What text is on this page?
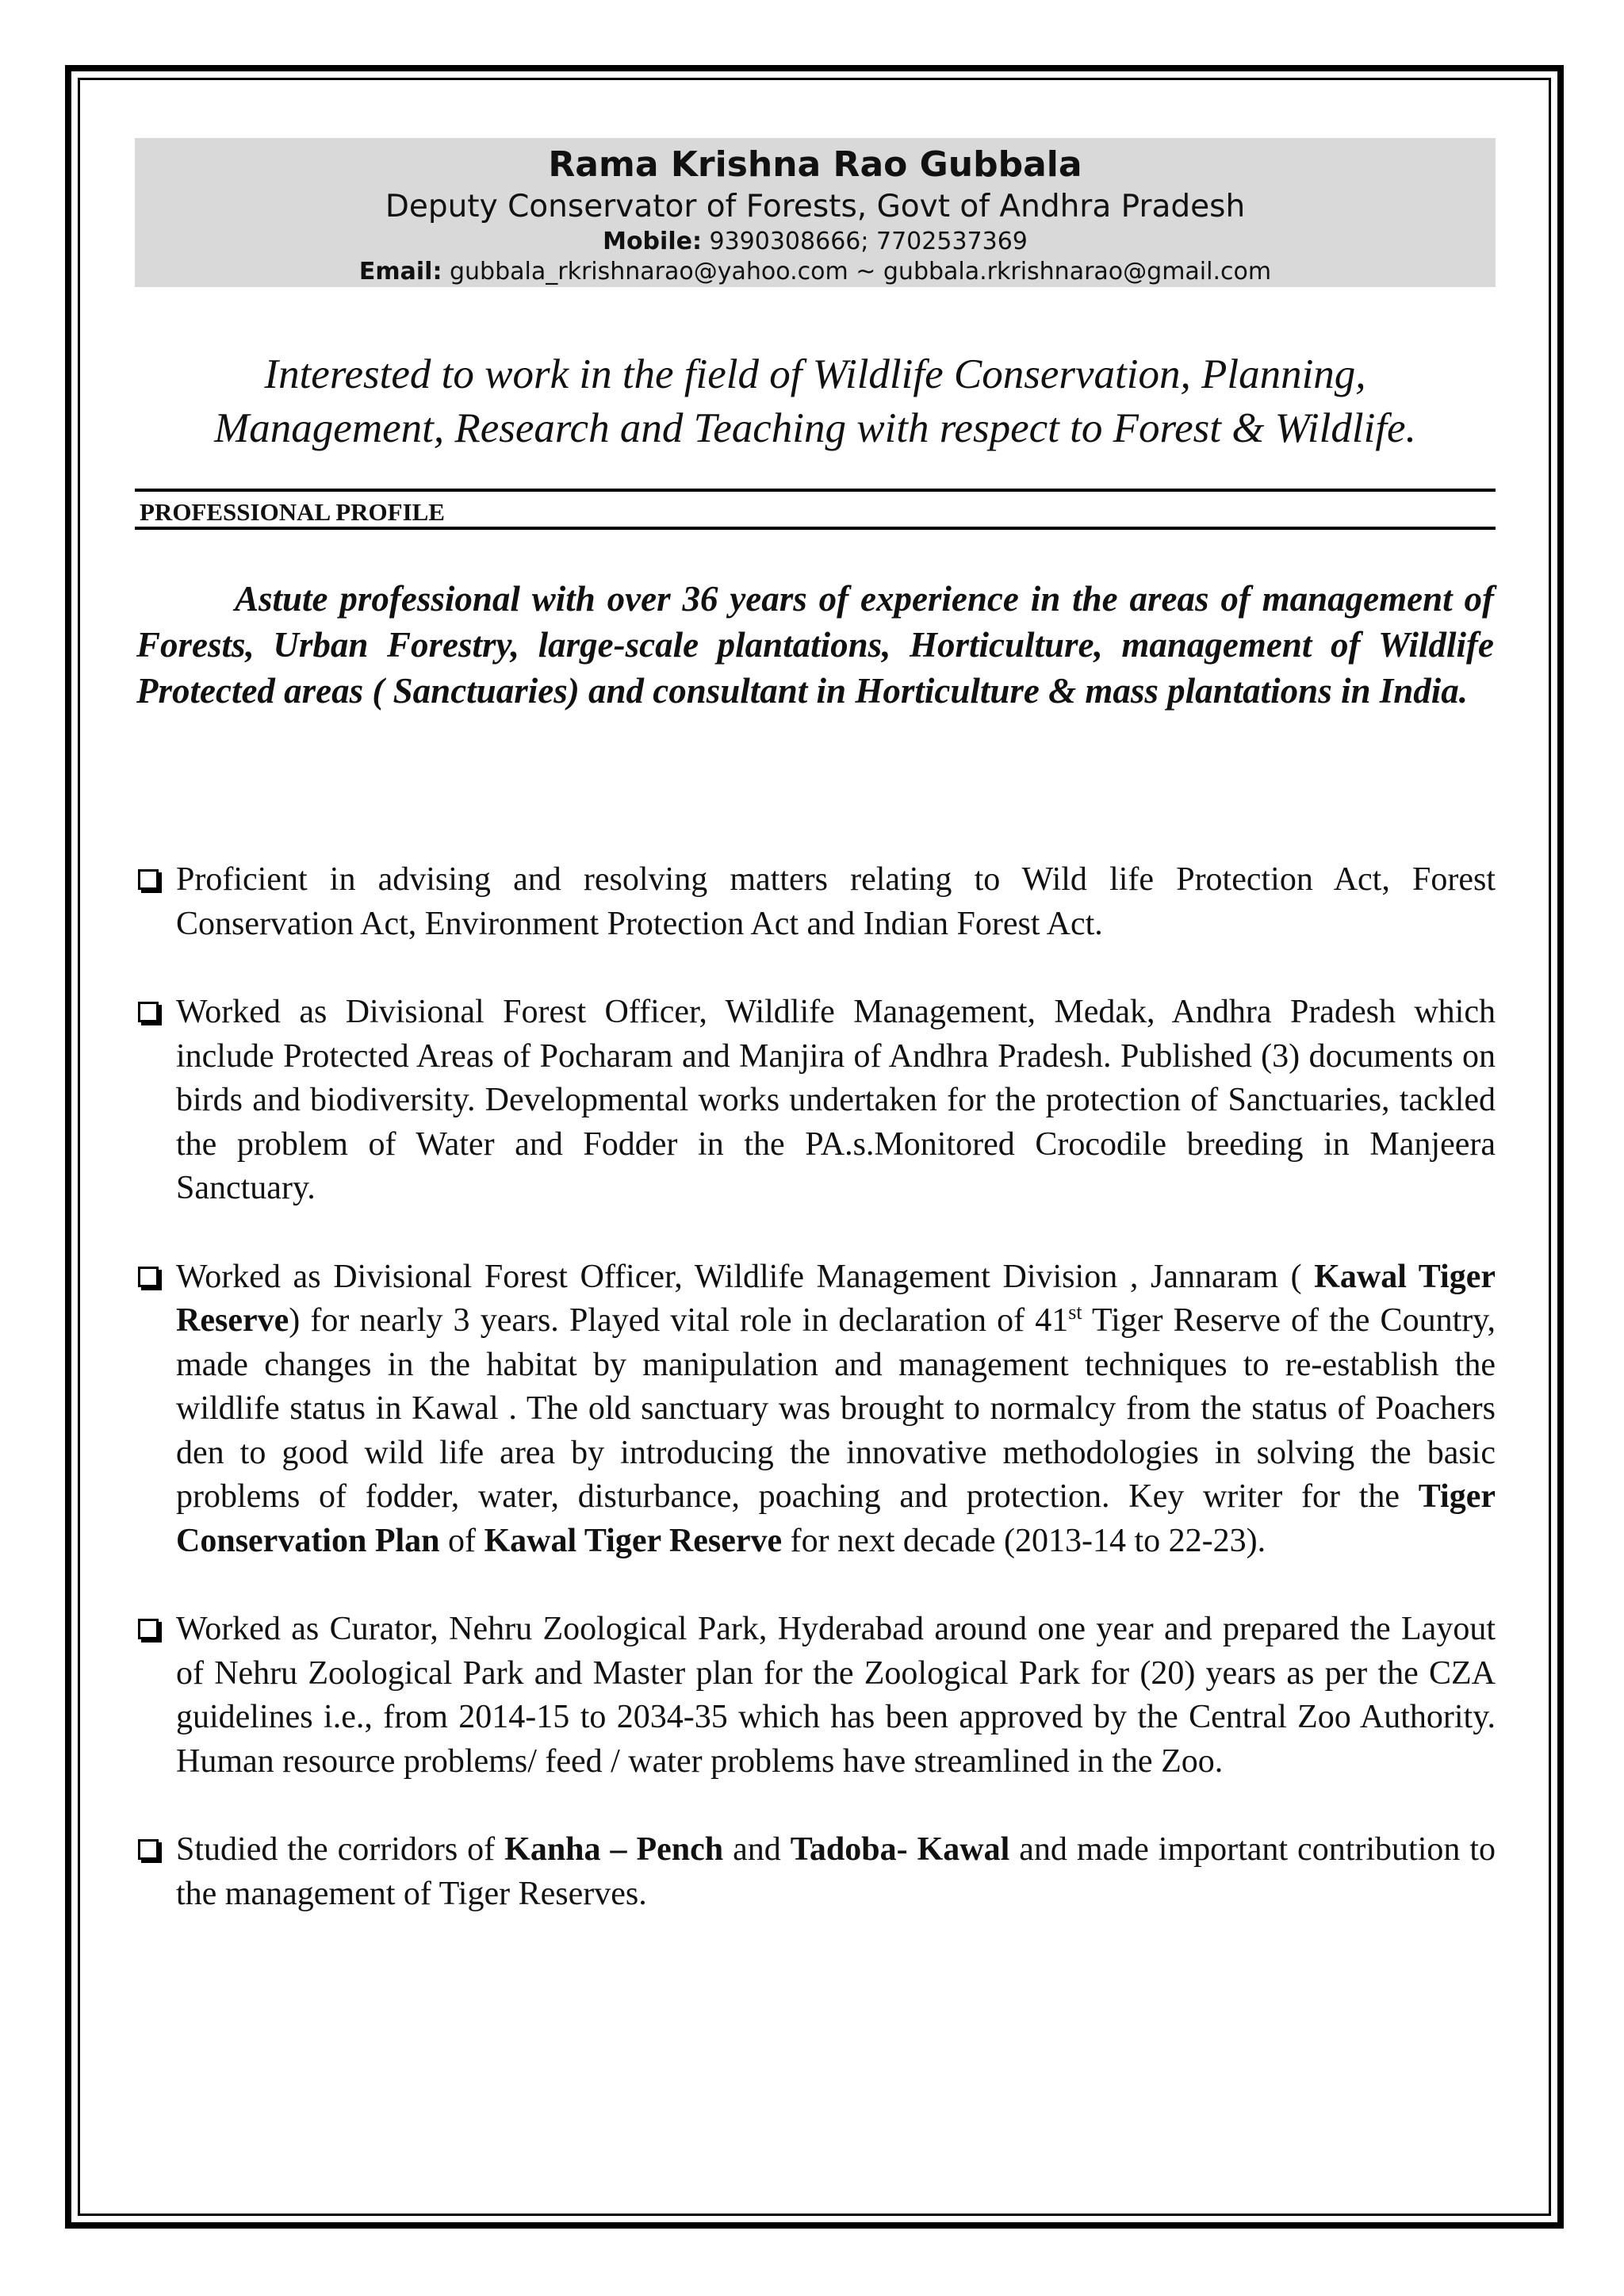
Rama Krishna Rao Gubbala
Deputy Conservator of Forests, Govt of Andhra Pradesh
Mobile: 9390308666; 7702537369
Email: gubbala_rkrishnarao@yahoo.com ~ gubbala.rkrishnarao@gmail.com
Interested to work in the field of Wildlife Conservation, Planning,
Management, Research and Teaching with respect to Forest & Wildlife.
PROFESSIONAL PROFILE
Astute professional with over 36 years of experience in the areas of management of Forests, Urban Forestry, large-scale plantations, Horticulture, management of Wildlife Protected areas ( Sanctuaries) and consultant in Horticulture & mass plantations in India.
Proficient in advising and resolving matters relating to Wild life Protection Act, Forest Conservation Act, Environment Protection Act and Indian Forest Act.
Worked as Divisional Forest Officer, Wildlife Management, Medak, Andhra Pradesh which include Protected Areas of Pocharam and Manjira of Andhra Pradesh. Published (3) documents on birds and biodiversity. Developmental works undertaken for the protection of Sanctuaries, tackled the problem of Water and Fodder in the PA.s.Monitored Crocodile breeding in Manjeera Sanctuary.
Worked as Divisional Forest Officer, Wildlife Management Division , Jannaram ( Kawal Tiger Reserve) for nearly 3 years. Played vital role in declaration of 41st Tiger Reserve of the Country, made changes in the habitat by manipulation and management techniques to re-establish the wildlife status in Kawal . The old sanctuary was brought to normalcy from the status of Poachers den to good wild life area by introducing the innovative methodologies in solving the basic problems of fodder, water, disturbance, poaching and protection. Key writer for the Tiger Conservation Plan of Kawal Tiger Reserve for next decade (2013-14 to 22-23).
Worked as Curator, Nehru Zoological Park, Hyderabad around one year and prepared the Layout of Nehru Zoological Park and Master plan for the Zoological Park for (20) years as per the CZA guidelines i.e., from 2014-15 to 2034-35 which has been approved by the Central Zoo Authority. Human resource problems/ feed / water problems have streamlined in the Zoo.
Studied the corridors of Kanha – Pench and Tadoba- Kawal and made important contribution to the management of Tiger Reserves.
